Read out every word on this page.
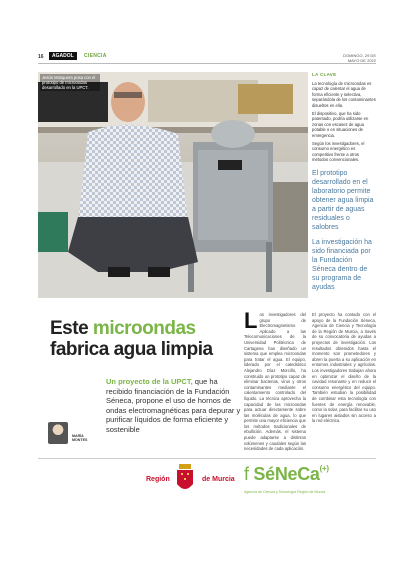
16	AGADOL	CIENCIA	DOMINGO, 29 DE
MAYO DE 2022
Jesús Mosquera posa con el prototipo de microondas desarrollado en la UPCT.
LA CLAVE
La tecnología de microondas es capaz de calentar el agua de forma eficiente y selectiva, separándola de los contaminantes disueltos en ella.
El dispositivo, que ha sido patentado, podría utilizarse en zonas con escasez de agua potable o en situaciones de emergencia.
Según los investigadores, el consumo energético es competitivo frente a otros métodos convencionales.
El prototipo desarrollado en el laboratorio permite obtener agua limpia a partir de aguas residuales o salobres
La investigación ha sido financiada por la Fundación Séneca dentro de su programa de ayudas
Este microondas fabrica agua limpia
Un proyecto de la UPCT, que ha recibido financiación de la Fundación Séneca, propone el uso de hornos de ondas electromagnéticas para depurar y purificar líquidos de forma eficiente y sostenible
MARÍA
MONTES
Los investigadores del grupo de Electromagnetismo Aplicado a las Telecomunicaciones de la Universidad Politécnica de Cartagena han diseñado un sistema que emplea microondas para tratar el agua. El equipo, liderado por el catedrático Alejandro Díaz Morcillo, ha construido un prototipo capaz de eliminar bacterias, virus y otros contaminantes mediante el calentamiento controlado del líquido. La técnica aprovecha la capacidad de las microondas para actuar directamente sobre las moléculas de agua, lo que permite una mayor eficiencia que los métodos tradicionales de ebullición. Además, el sistema puede adaptarse a distintos volúmenes y caudales según las necesidades de cada aplicación.
El proyecto ha contado con el apoyo de la Fundación Séneca, Agencia de Ciencia y Tecnología de la Región de Murcia, a través de su convocatoria de ayudas a proyectos de investigación. Los resultados obtenidos hasta el momento son prometedores y abren la puerta a su aplicación en entornos industriales y agrícolas. Los investigadores trabajan ahora en optimizar el diseño de la cavidad resonante y en reducir el consumo energético del equipo. También estudian la posibilidad de combinar esta tecnología con fuentes de energía renovable, como la solar, para facilitar su uso en lugares aislados sin acceso a la red eléctrica.
Región	de Murcia f SéNeCa(+)
Agencia de Ciencia y Tecnología Región de Murcia
